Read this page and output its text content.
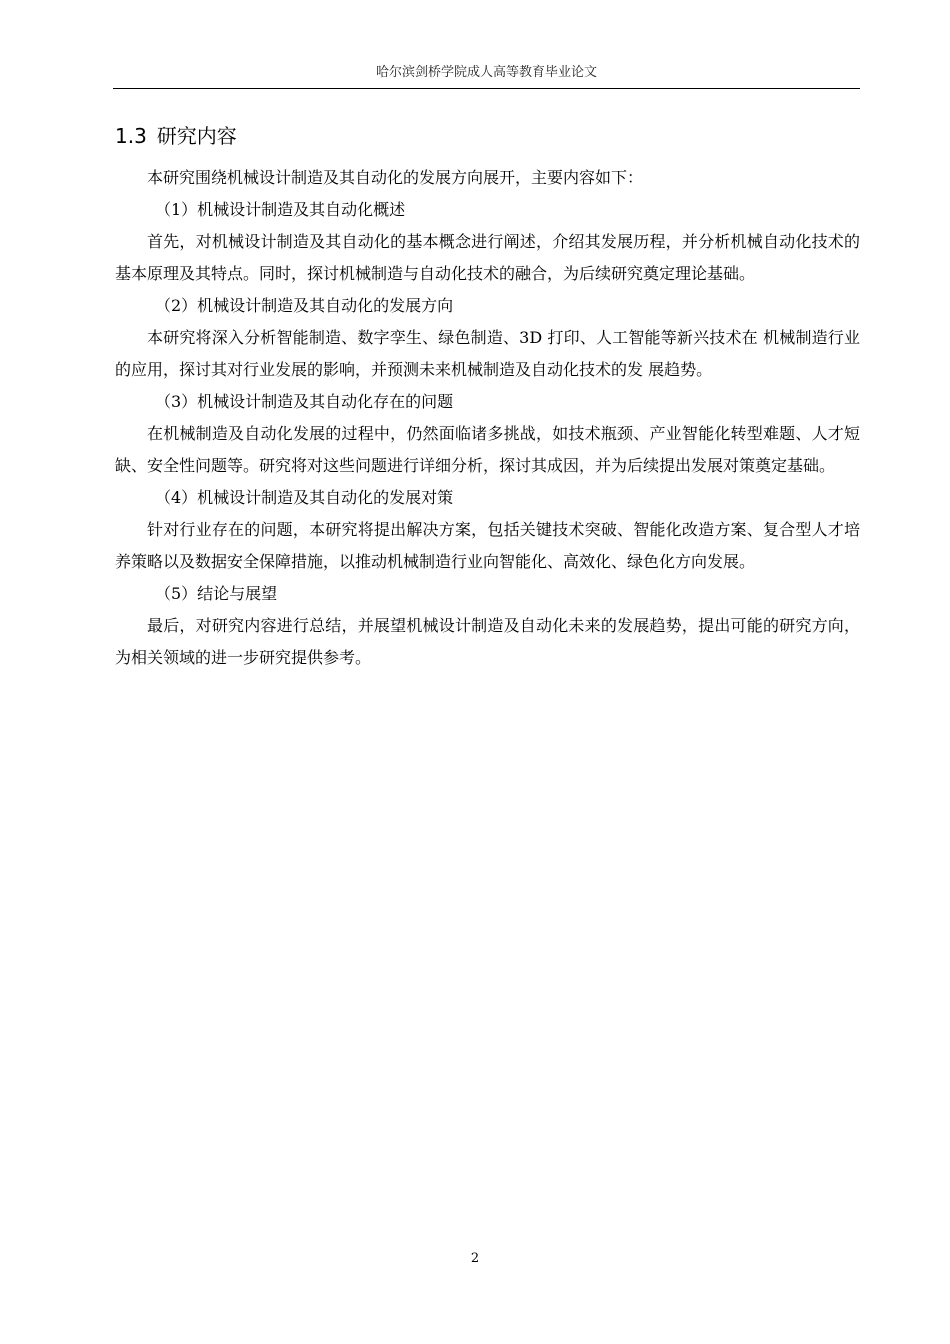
哈尔滨剑桥学院成人高等教育毕业论文
1.3 研究内容

本研究围绕机械设计制造及其自动化的发展方向展开，主要内容如下：

（1）机械设计制造及其自动化概述

首先，对机械设计制造及其自动化的基本概念进行阐述，介绍其发展历程，并分析机械自动化技术的基本原理及其特点。同时，探讨机械制造与自动化技术的融合，为后续研究奠定理论基础。

（2）机械设计制造及其自动化的发展方向

本研究将深入分析智能制造、数字孪生、绿色制造、3D 打印、人工智能等新兴技术在 机械制造行业的应用，探讨其对行业发展的影响，并预测未来机械制造及自动化技术的发 展趋势。

（3）机械设计制造及其自动化存在的问题

在机械制造及自动化发展的过程中，仍然面临诸多挑战，如技术瓶颈、产业智能化转型难题、人才短缺、安全性问题等。研究将对这些问题进行详细分析，探讨其成因，并为后续提出发展对策奠定基础。

（4）机械设计制造及其自动化的发展对策

针对行业存在的问题，本研究将提出解决方案，包括关键技术突破、智能化改造方案、复合型人才培养策略以及数据安全保障措施，以推动机械制造行业向智能化、高效化、绿色化方向发展。

（5）结论与展望

最后，对研究内容进行总结，并展望机械设计制造及自动化未来的发展趋势，提出可能的研究方向，为相关领域的进一步研究提供参考。

2
